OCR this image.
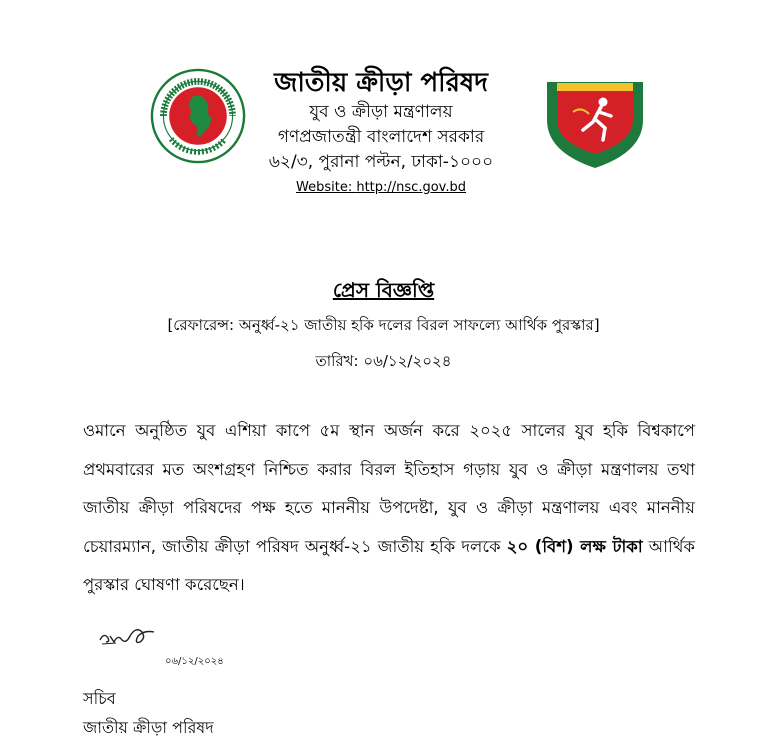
জাতীয় ক্রীড়া পরিষদ
যুব ও ক্রীড়া মন্ত্রণালয়
গণপ্রজাতন্ত্রী বাংলাদেশ সরকার
৬২/৩, পুরানা পল্টন, ঢাকা-১০০০
Website: http://nsc.gov.bd
প্রেস বিজ্ঞপ্তি
[রেফারেন্স: অনুর্ধ্ব-২১ জাতীয় হকি দলের বিরল সাফল্যে আর্থিক পুরস্কার]
তারিখ: ০৬/১২/২০২৪
ওমানে অনুষ্ঠিত যুব এশিয়া কাপে ৫ম স্থান অর্জন করে ২০২৫ সালের যুব হকি বিশ্বকাপে প্রথমবারের মত অংশগ্রহণ নিশ্চিত করার বিরল ইতিহাস গড়ায় যুব ও ক্রীড়া মন্ত্রণালয় তথা জাতীয় ক্রীড়া পরিষদের পক্ষ হতে মাননীয় উপদেষ্টা, যুব ও ক্রীড়া মন্ত্রণালয় এবং মাননীয় চেয়ারম্যান, জাতীয় ক্রীড়া পরিষদ অনুর্ধ্ব-২১ জাতীয় হকি দলকে ২০ (বিশ) লক্ষ টাকা আর্থিক পুরস্কার ঘোষণা করেছেন।
০৬/১২/২০২৪
সচিব
জাতীয় ক্রীড়া পরিষদ
